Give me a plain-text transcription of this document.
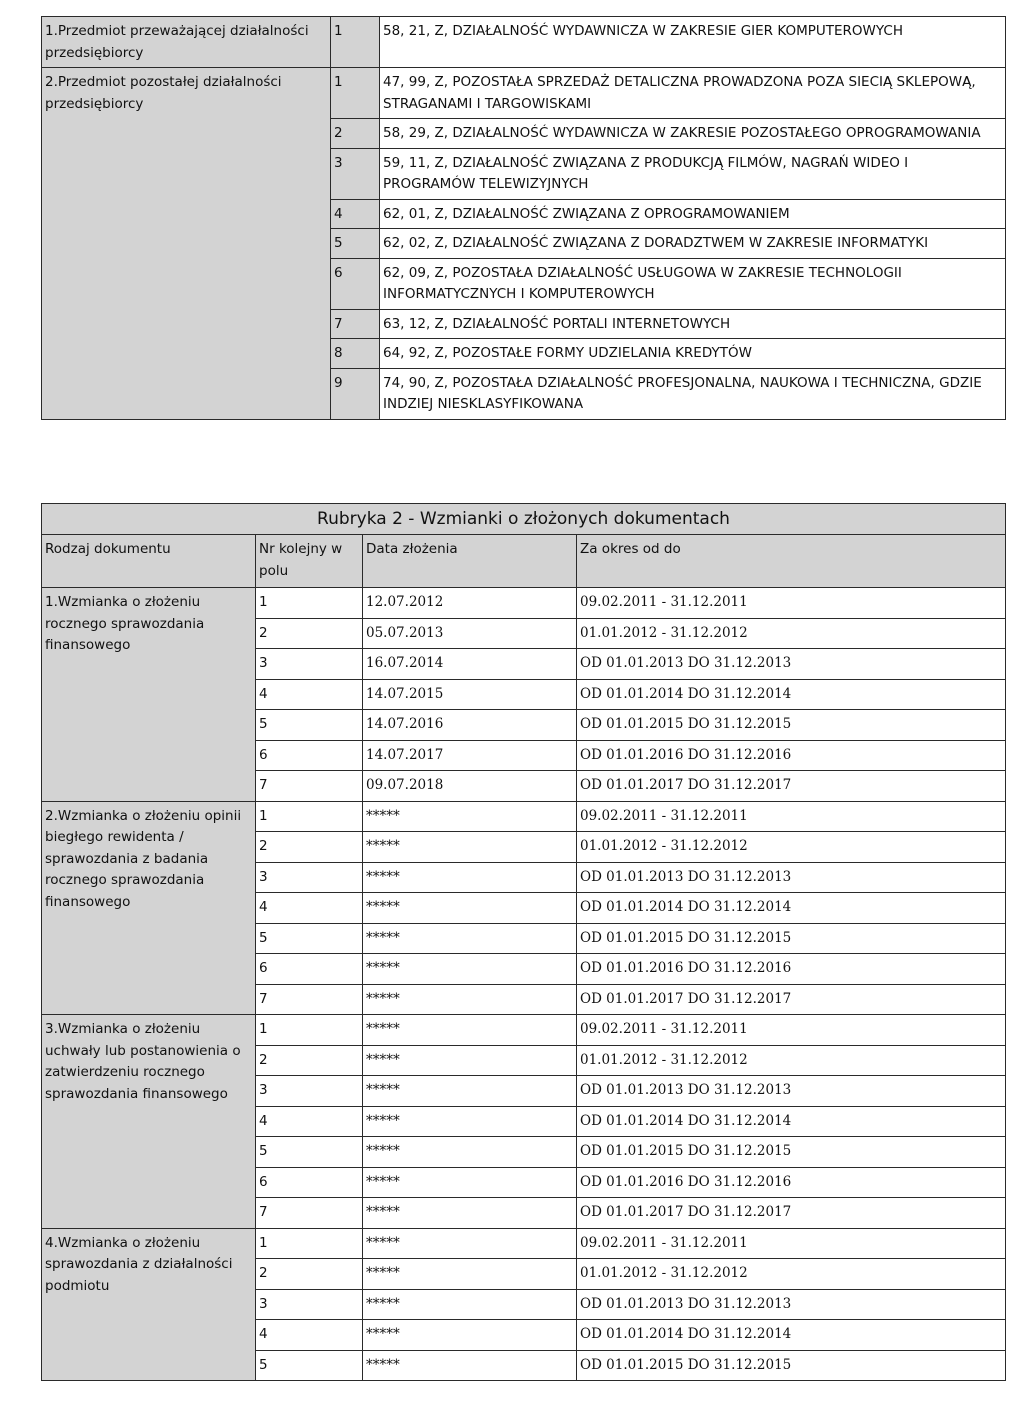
1.Przedmiot przeważającej działalności przedsiębiorcy	1	58, 21, Z, DZIAŁALNOŚĆ WYDAWNICZA W ZAKRESIE GIER KOMPUTEROWYCH
2.Przedmiot pozostałej działalności przedsiębiorcy	1	47, 99, Z, POZOSTAŁA SPRZEDAŻ DETALICZNA PROWADZONA POZA SIECIĄ SKLEPOWĄ, STRAGANAMI I TARGOWISKAMI
	2	58, 29, Z, DZIAŁALNOŚĆ WYDAWNICZA W ZAKRESIE POZOSTAŁEGO OPROGRAMOWANIA
	3	59, 11, Z, DZIAŁALNOŚĆ ZWIĄZANA Z PRODUKCJĄ FILMÓW, NAGRAŃ WIDEO I PROGRAMÓW TELEWIZYJNYCH
	4	62, 01, Z, DZIAŁALNOŚĆ ZWIĄZANA Z OPROGRAMOWANIEM
	5	62, 02, Z, DZIAŁALNOŚĆ ZWIĄZANA Z DORADZTWEM W ZAKRESIE INFORMATYKI
	6	62, 09, Z, POZOSTAŁA DZIAŁALNOŚĆ USŁUGOWA W ZAKRESIE TECHNOLOGII INFORMATYCZNYCH I KOMPUTEROWYCH
	7	63, 12, Z, DZIAŁALNOŚĆ PORTALI INTERNETOWYCH
	8	64, 92, Z, POZOSTAŁE FORMY UDZIELANIA KREDYTÓW
	9	74, 90, Z, POZOSTAŁA DZIAŁALNOŚĆ PROFESJONALNA, NAUKOWA I TECHNICZNA, GDZIE INDZIEJ NIESKLASYFIKOWANA
Rubryka 2 - Wzmianki o złożonych dokumentach			
Rodzaj dokumentu	Nr kolejny w polu	Data złożenia	Za okres od do
1.Wzmianka o złożeniu rocznego sprawozdania finansowego	1	12.07.2012	09.02.2011 - 31.12.2011
	2	05.07.2013	01.01.2012 - 31.12.2012
	3	16.07.2014	OD 01.01.2013 DO 31.12.2013
	4	14.07.2015	OD 01.01.2014 DO 31.12.2014
	5	14.07.2016	OD 01.01.2015 DO 31.12.2015
	6	14.07.2017	OD 01.01.2016 DO 31.12.2016
	7	09.07.2018	OD 01.01.2017 DO 31.12.2017
2.Wzmianka o złożeniu opinii biegłego rewidenta / sprawozdania z badania rocznego sprawozdania finansowego	1	*****	09.02.2011 - 31.12.2011
	2	*****	01.01.2012 - 31.12.2012
	3	*****	OD 01.01.2013 DO 31.12.2013
	4	*****	OD 01.01.2014 DO 31.12.2014
	5	*****	OD 01.01.2015 DO 31.12.2015
	6	*****	OD 01.01.2016 DO 31.12.2016
	7	*****	OD 01.01.2017 DO 31.12.2017
3.Wzmianka o złożeniu uchwały lub postanowienia o zatwierdzeniu rocznego sprawozdania finansowego	1	*****	09.02.2011 - 31.12.2011
	2	*****	01.01.2012 - 31.12.2012
	3	*****	OD 01.01.2013 DO 31.12.2013
	4	*****	OD 01.01.2014 DO 31.12.2014
	5	*****	OD 01.01.2015 DO 31.12.2015
	6	*****	OD 01.01.2016 DO 31.12.2016
	7	*****	OD 01.01.2017 DO 31.12.2017
4.Wzmianka o złożeniu sprawozdania z działalności podmiotu	1	*****	09.02.2011 - 31.12.2011
	2	*****	01.01.2012 - 31.12.2012
	3	*****	OD 01.01.2013 DO 31.12.2013
	4	*****	OD 01.01.2014 DO 31.12.2014
	5	*****	OD 01.01.2015 DO 31.12.2015
